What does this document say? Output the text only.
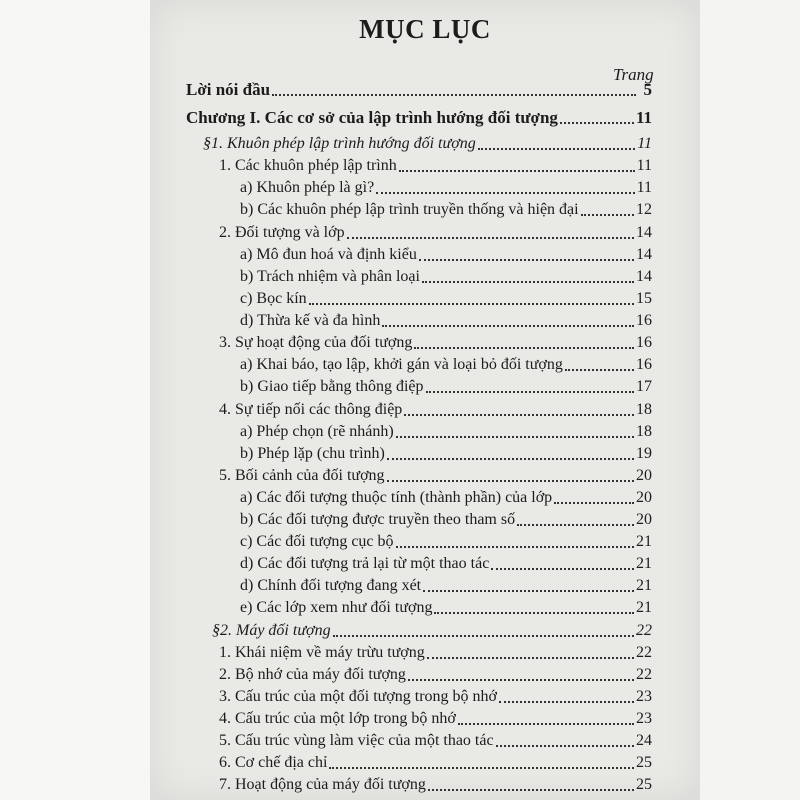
MỤC LỤC
Trang
Lời nói đầu	5
Chương I. Các cơ sở của lập trình hướng đối tượng	11
§1. Khuôn phép lập trình hướng đối tượng	11
1. Các khuôn phép lập trình	11
a) Khuôn phép là gì?	11
b) Các khuôn phép lập trình truyền thống và hiện đại	12
2. Đối tượng và lớp	14
a) Mô đun hoá và định kiểu	14
b) Trách nhiệm và phân loại	14
c) Bọc kín	15
d) Thừa kế và đa hình	16
3. Sự hoạt động của đối tượng	16
a) Khai báo, tạo lập, khởi gán và loại bỏ đối tượng	16
b) Giao tiếp bằng thông điệp	17
4. Sự tiếp nối các thông điệp	18
a) Phép chọn (rẽ nhánh)	18
b) Phép lặp (chu trình)	19
5. Bối cảnh của đối tượng	20
a) Các đối tượng thuộc tính (thành phần) của lớp	20
b) Các đối tượng được truyền theo tham số	20
c) Các đối tượng cục bộ	21
d) Các đối tượng trả lại từ một thao tác	21
d) Chính đối tượng đang xét	21
e) Các lớp xem như đối tượng	21
§2. Máy đối tượng	22
1. Khái niệm về máy trừu tượng	22
2. Bộ nhớ của máy đối tượng	22
3. Cấu trúc của một đối tượng trong bộ nhớ	23
4. Cấu trúc của một lớp trong bộ nhớ	23
5. Cấu trúc vùng làm việc của một thao tác	24
6. Cơ chế địa chỉ	25
7. Hoạt động của máy đối tượng	25
